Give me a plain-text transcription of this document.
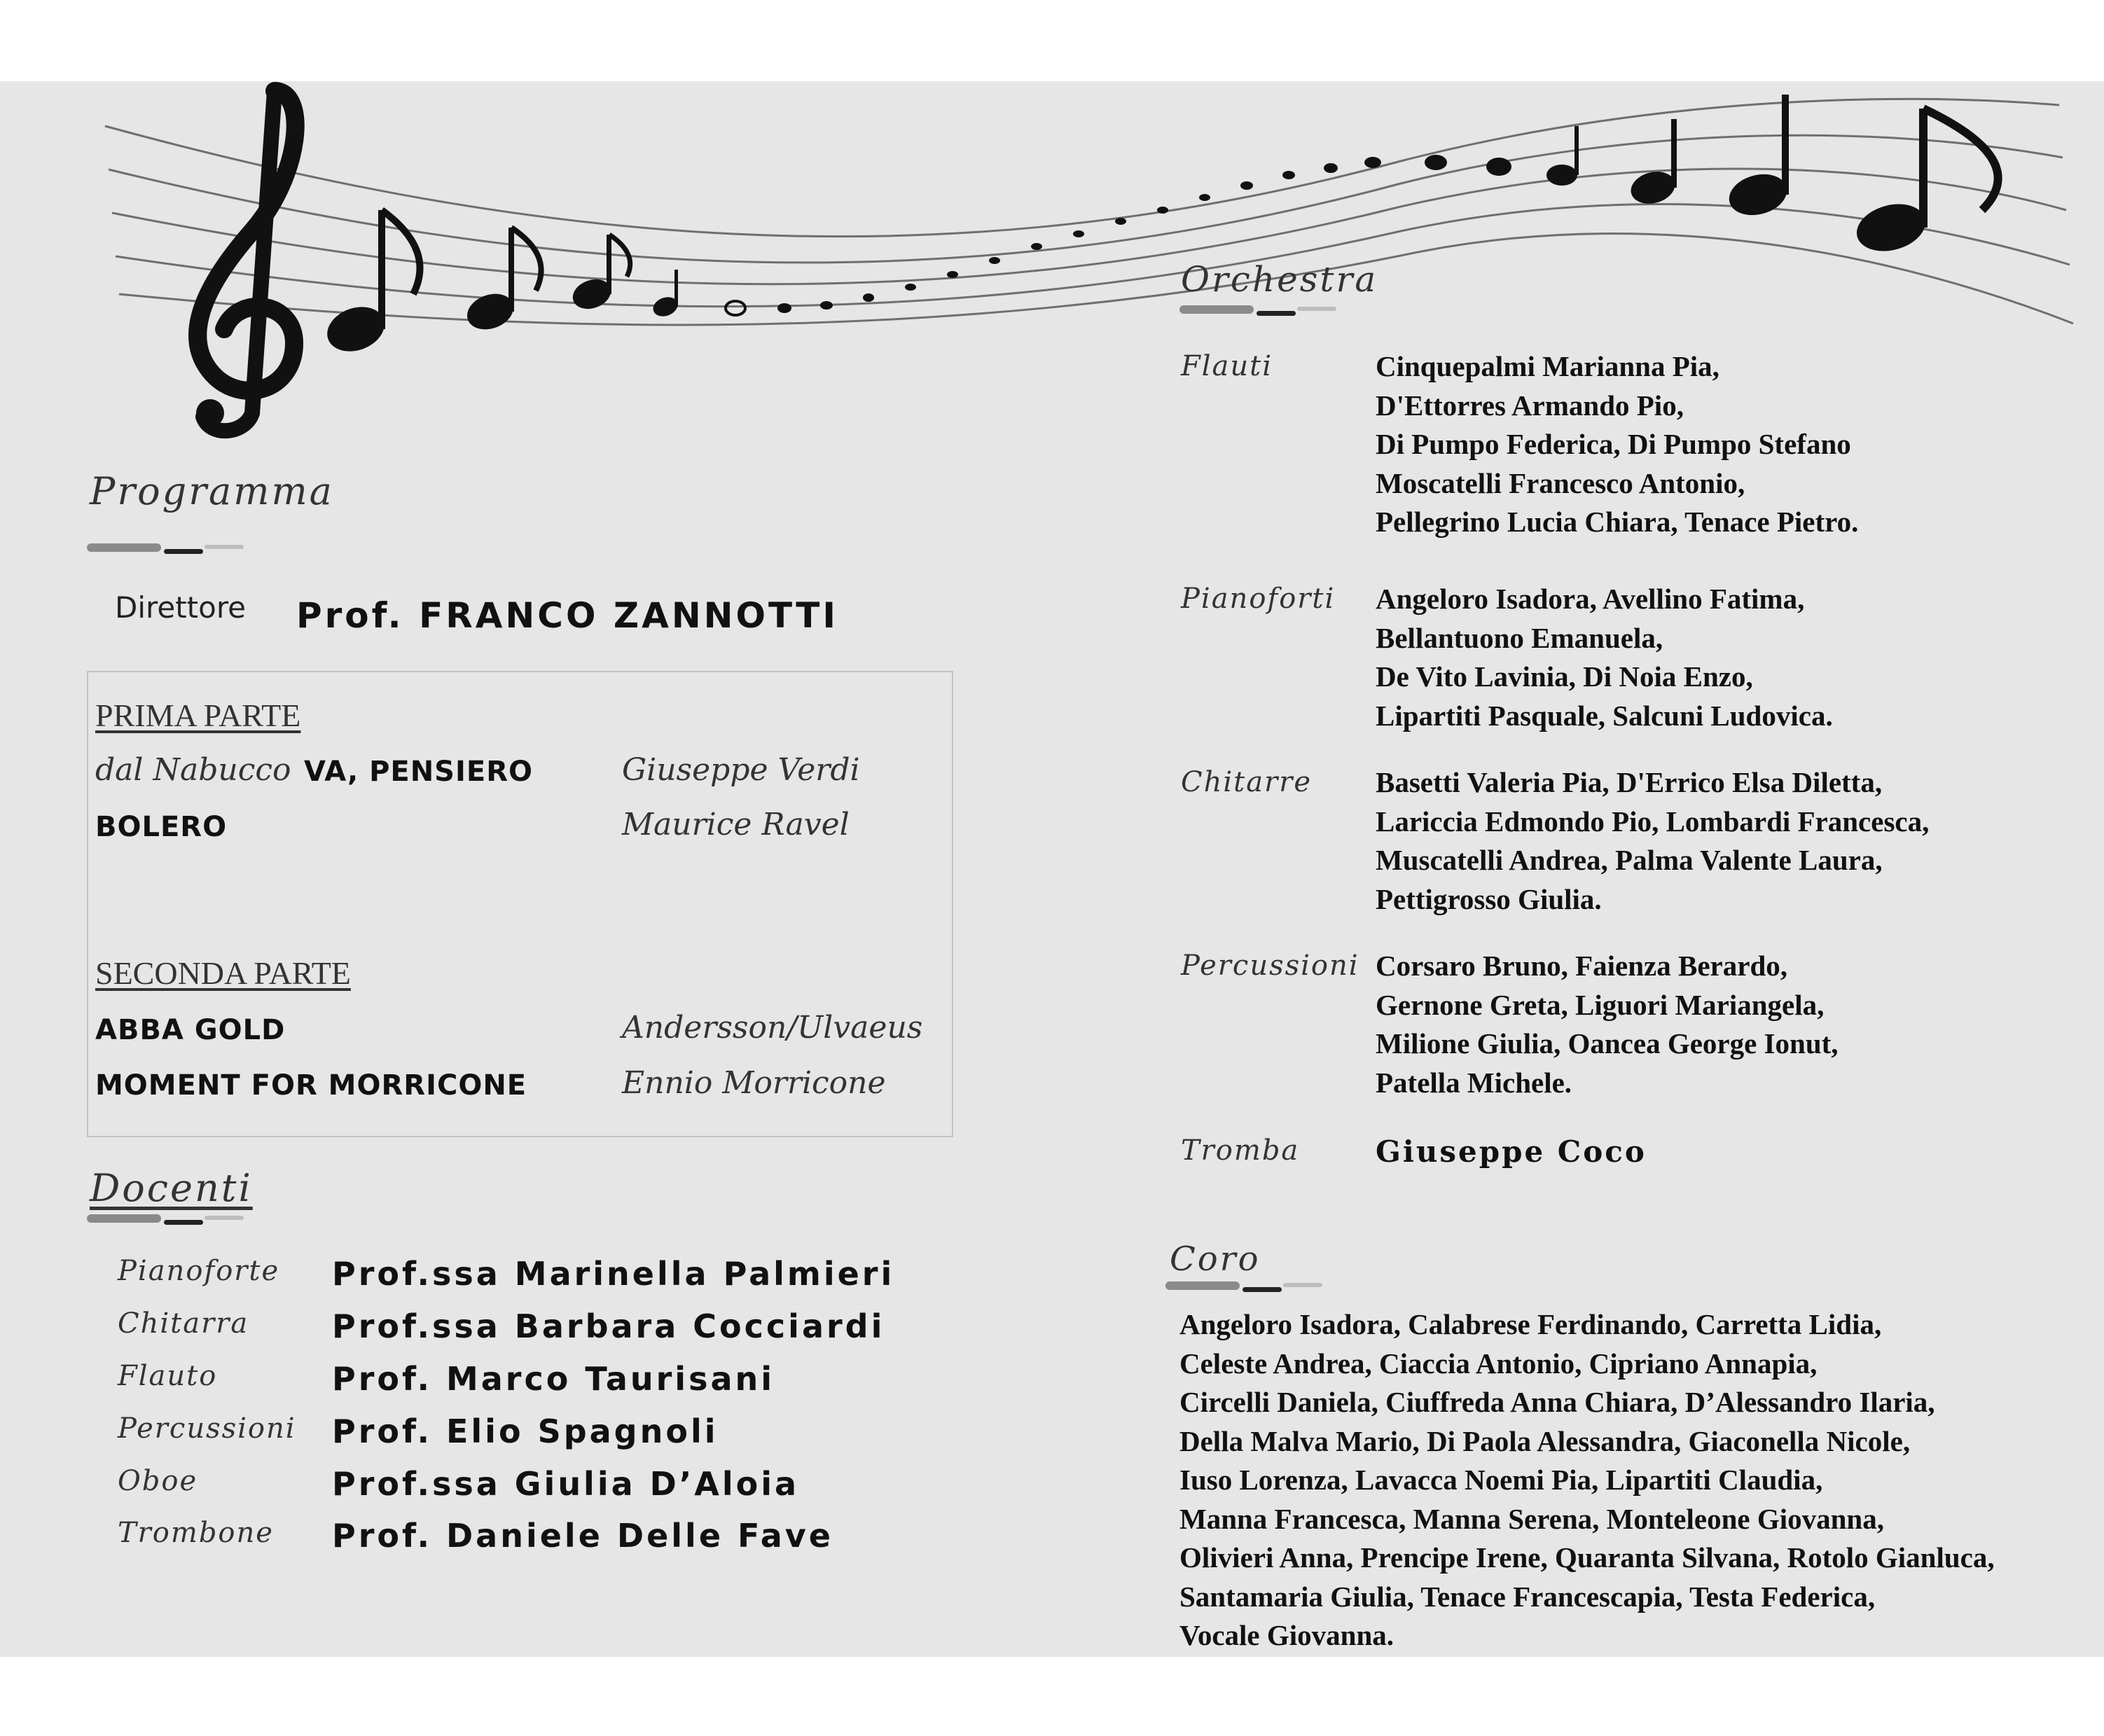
Programma
Direttore Prof. FRANCO ZANNOTTI
PRIMA PARTE
dal Nabucco VA, PENSIERO	Giuseppe Verdi
BOLERO	Maurice Ravel
SECONDA PARTE
ABBA GOLD	Andersson/Ulvaeus
MOMENT FOR MORRICONE	Ennio Morricone
Docenti
Pianoforte Prof.ssa Marinella Palmieri
Chitarra	Prof.ssa Barbara Cocciardi
Flauto	Prof. Marco Taurisani
Percussioni Prof. Elio Spagnoli
Oboe	Prof.ssa Giulia D’Aloia
Trombone Prof. Daniele Delle Fave
Orchestra
Flauti	Cinquepalmi Marianna Pia,
D'Ettorres Armando Pio,
Di Pumpo Federica, Di Pumpo Stefano
Moscatelli Francesco Antonio,
Pellegrino Lucia Chiara, Tenace Pietro.
Pianoforti Angeloro Isadora, Avellino Fatima,
Bellantuono Emanuela,
De Vito Lavinia, Di Noia Enzo,
Lipartiti Pasquale, Salcuni Ludovica.
Chitarre Basetti Valeria Pia, D'Errico Elsa Diletta,
Lariccia Edmondo Pio, Lombardi Francesca,
Muscatelli Andrea, Palma Valente Laura,
Pettigrosso Giulia.
Percussioni Corsaro Bruno, Faienza Berardo,
Gernone Greta, Liguori Mariangela,
Milione Giulia, Oancea George Ionut,
Patella Michele.
Tromba	Giuseppe Coco
Coro
Angeloro Isadora, Calabrese Ferdinando, Carretta Lidia,
Celeste Andrea, Ciaccia Antonio, Cipriano Annapia,
Circelli Daniela, Ciuffreda Anna Chiara, D’Alessandro Ilaria,
Della Malva Mario, Di Paola Alessandra, Giaconella Nicole,
Iuso Lorenza, Lavacca Noemi Pia, Lipartiti Claudia,
Manna Francesca, Manna Serena, Monteleone Giovanna,
Olivieri Anna, Prencipe Irene, Quaranta Silvana, Rotolo Gianluca,
Santamaria Giulia, Tenace Francescapia, Testa Federica,
Vocale Giovanna.
